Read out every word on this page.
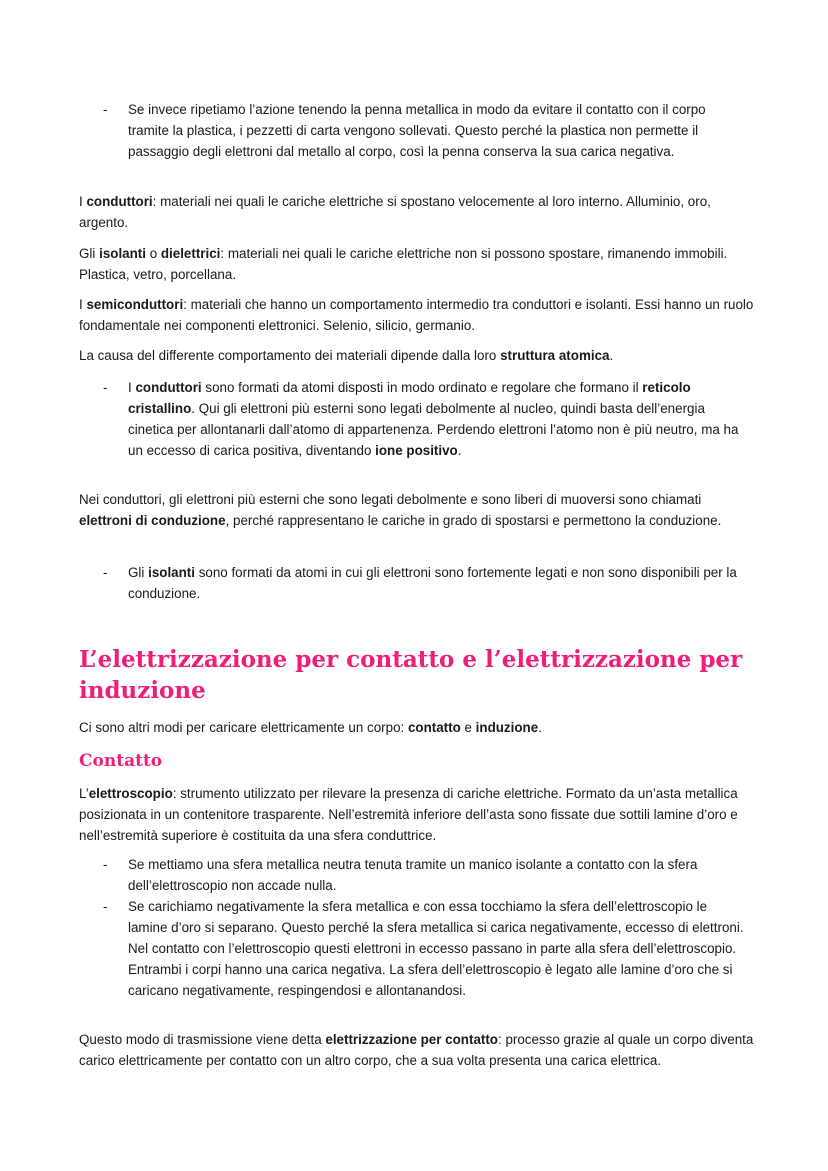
- Se invece ripetiamo l’azione tenendo la penna metallica in modo da evitare il contatto con il corpo tramite la plastica, i pezzetti di carta vengono sollevati. Questo perché la plastica non permette il passaggio degli elettroni dal metallo al corpo, così la penna conserva la sua carica negativa.

I conduttori: materiali nei quali le cariche elettriche si spostano velocemente al loro interno. Alluminio, oro, argento.

Gli isolanti o dielettrici: materiali nei quali le cariche elettriche non si possono spostare, rimanendo immobili. Plastica, vetro, porcellana.

I semiconduttori: materiali che hanno un comportamento intermedio tra conduttori e isolanti. Essi hanno un ruolo fondamentale nei componenti elettronici. Selenio, silicio, germanio.

La causa del differente comportamento dei materiali dipende dalla loro struttura atomica.

- I conduttori sono formati da atomi disposti in modo ordinato e regolare che formano il reticolo cristallino. Qui gli elettroni più esterni sono legati debolmente al nucleo, quindi basta dell’energia cinetica per allontanarli dall’atomo di appartenenza. Perdendo elettroni l’atomo non è più neutro, ma ha un eccesso di carica positiva, diventando ione positivo.

Nei conduttori, gli elettroni più esterni che sono legati debolmente e sono liberi di muoversi sono chiamati elettroni di conduzione, perché rappresentano le cariche in grado di spostarsi e permettono la conduzione.

- Gli isolanti sono formati da atomi in cui gli elettroni sono fortemente legati e non sono disponibili per la conduzione.
L’elettrizzazione per contatto e l’elettrizzazione per induzione

Ci sono altri modi per caricare elettricamente un corpo: contatto e induzione.

Contatto

L’elettroscopio: strumento utilizzato per rilevare la presenza di cariche elettriche. Formato da un’asta metallica posizionata in un contenitore trasparente. Nell’estremità inferiore dell’asta sono fissate due sottili lamine d’oro e nell’estremità superiore è costituita da una sfera conduttrice.

- Se mettiamo una sfera metallica neutra tenuta tramite un manico isolante a contatto con la sfera dell’elettroscopio non accade nulla.
- Se carichiamo negativamente la sfera metallica e con essa tocchiamo la sfera dell’elettroscopio le lamine d’oro si separano. Questo perché la sfera metallica si carica negativamente, eccesso di elettroni. Nel contatto con l’elettroscopio questi elettroni in eccesso passano in parte alla sfera dell’elettroscopio. Entrambi i corpi hanno una carica negativa. La sfera dell’elettroscopio è legato alle lamine d’oro che si caricano negativamente, respingendosi e allontanandosi.

Questo modo di trasmissione viene detta elettrizzazione per contatto: processo grazie al quale un corpo diventa carico elettricamente per contatto con un altro corpo, che a sua volta presenta una carica elettrica.
